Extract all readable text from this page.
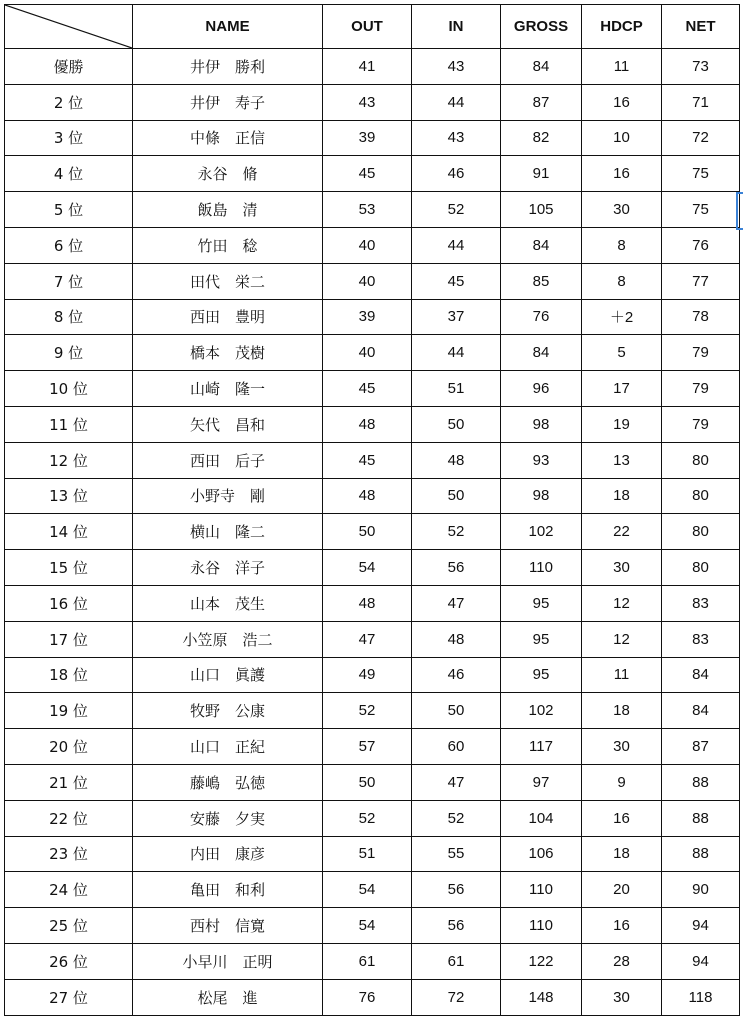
	NAME	OUT	IN	GROSS	HDCP	NET
優勝	井伊　勝利	41	43	84	11	73
2 位	井伊　寿子	43	44	87	16	71
3 位	中條　正信	39	43	82	10	72
4 位	永谷　脩	45	46	91	16	75
5 位	飯島　清	53	52	105	30	75
6 位	竹田　稔	40	44	84	8	76
7 位	田代　栄二	40	45	85	8	77
8 位	西田　豊明	39	37	76	＋2	78
9 位	橋本　茂樹	40	44	84	5	79
10 位	山崎　隆一	45	51	96	17	79
11 位	矢代　昌和	48	50	98	19	79
12 位	西田　后子	45	48	93	13	80
13 位	小野寺　剛	48	50	98	18	80
14 位	横山　隆二	50	52	102	22	80
15 位	永谷　洋子	54	56	110	30	80
16 位	山本　茂生	48	47	95	12	83
17 位	小笠原　浩二	47	48	95	12	83
18 位	山口　眞護	49	46	95	11	84
19 位	牧野　公康	52	50	102	18	84
20 位	山口　正紀	57	60	117	30	87
21 位	藤嶋　弘徳	50	47	97	9	88
22 位	安藤　夕実	52	52	104	16	88
23 位	内田　康彦	51	55	106	18	88
24 位	亀田　和利	54	56	110	20	90
25 位	西村　信寛	54	56	110	16	94
26 位	小早川　正明	61	61	122	28	94
27 位	松尾　進	76	72	148	30	118
